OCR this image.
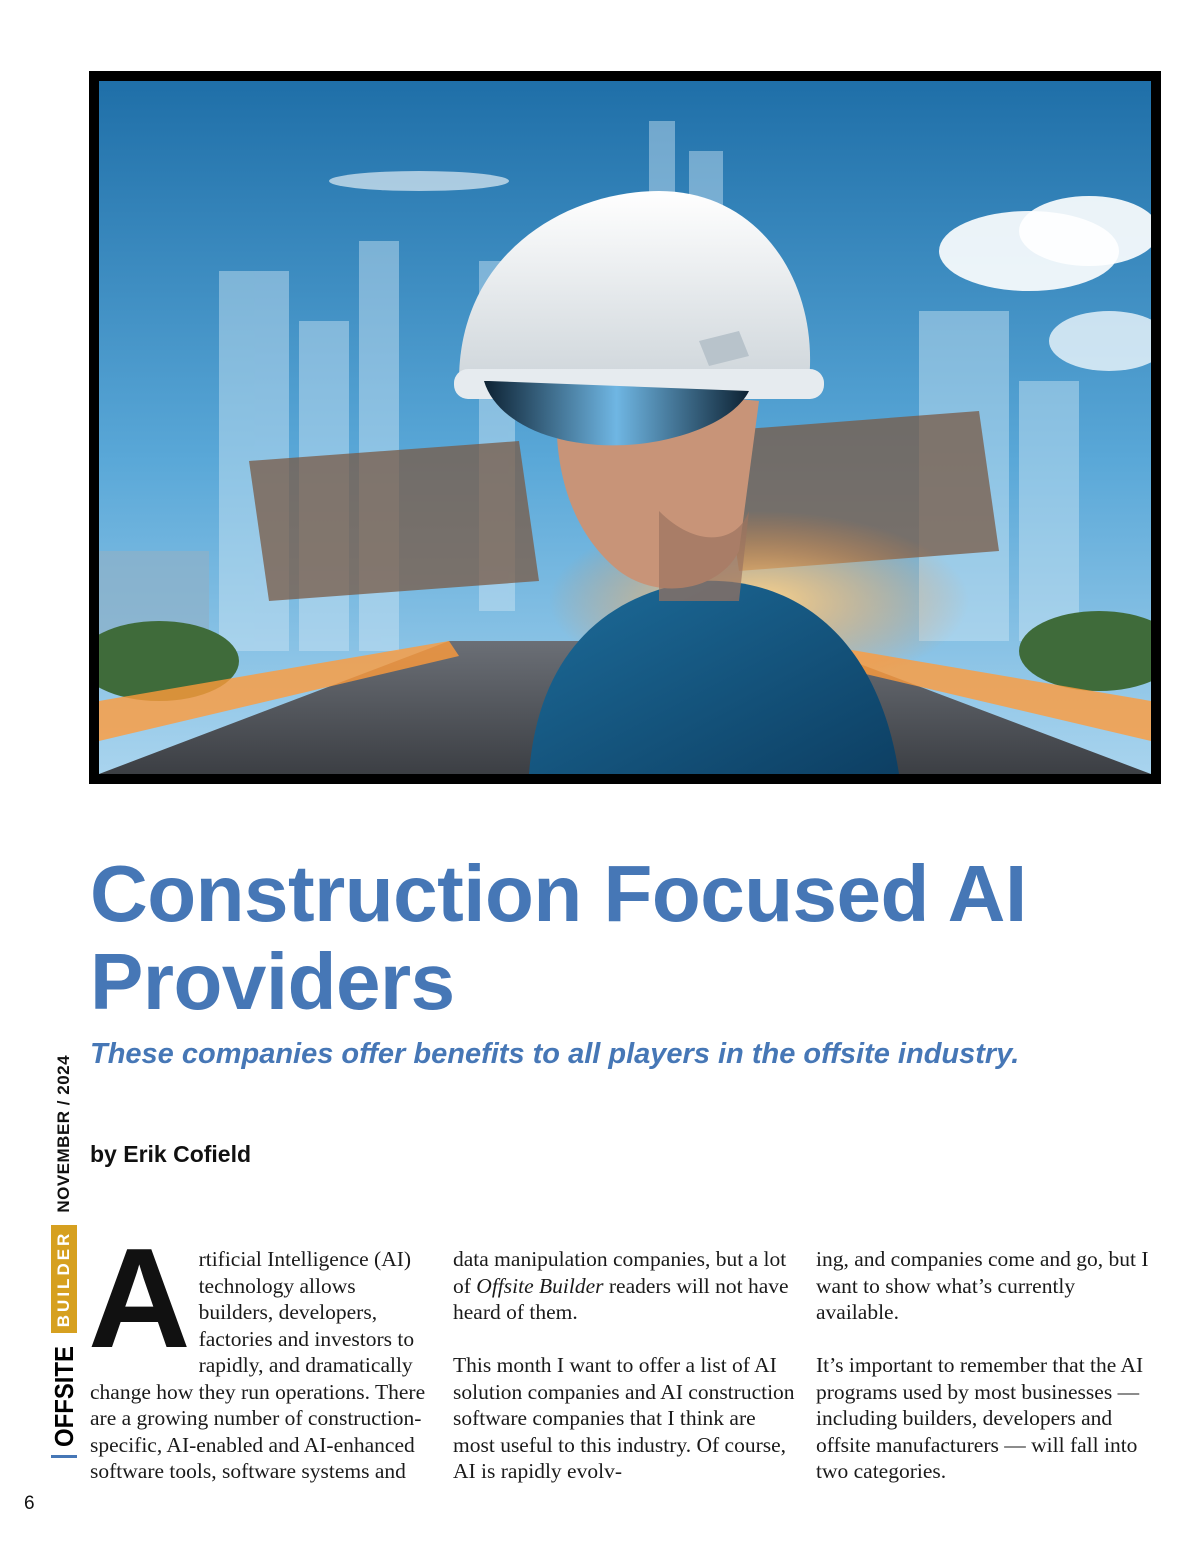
Construction Focused AI Providers

These companies offer benefits to all players in the offsite industry.

by Erik Cofield

Artificial Intelligence (AI) technology allows builders, developers, factories and investors to rapidly, and dramatically change how they run operations. There are a growing number of construction-specific, AI-enabled and AI-enhanced software tools, software systems and

data manipulation companies, but a lot of Offsite Builder readers will not have heard of them.

This month I want to offer a list of AI solution companies and AI construction software companies that I think are most useful to this industry. Of course, AI is rapidly evolv-

ing, and companies come and go, but I want to show what’s currently available.

It’s important to remember that the AI programs used by most businesses — including builders, developers and offsite manufacturers — will fall into two categories.

OFFSITE
BUILDER
NOVEMBER / 2024

6
